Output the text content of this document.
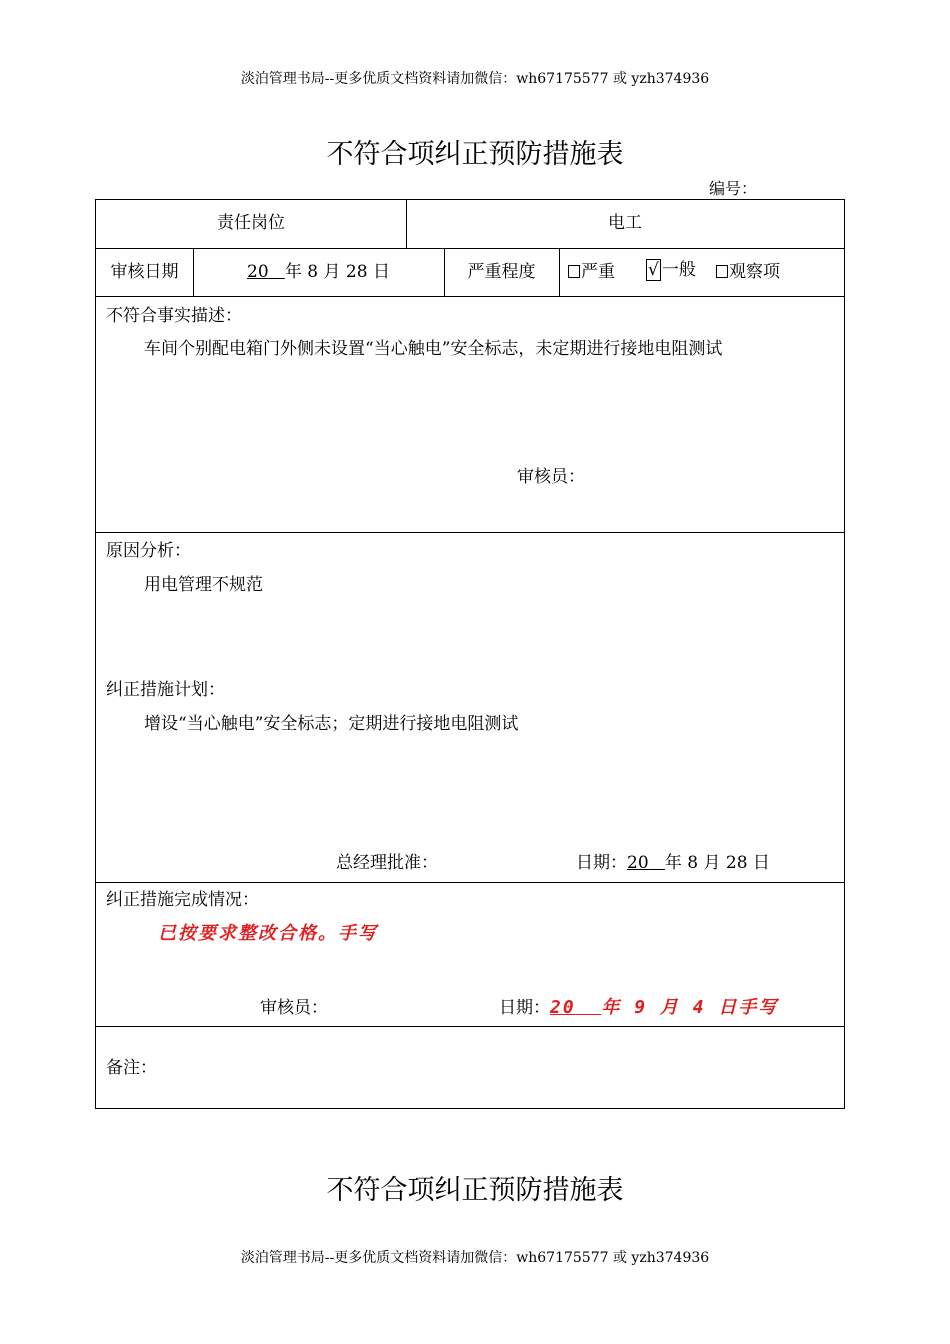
淡泊管理书局--更多优质文档资料请加微信：wh67175577 或 yzh374936
不符合项纠正预防措施表
编号：
责任岗位	电工
审核日期	20 年 8 月 28 日	严重程度	严重 √ 一般	观察项
不符合事实描述：
车间个别配电箱门外侧未设置“当心触电”安全标志，未定期进行接地电阻测试
审核员：
原因分析：
用电管理不规范
纠正措施计划：
增设“当心触电”安全标志；定期进行接地电阻测试
总经理批准：	日期：20 年 8 月 28 日
纠正措施完成情况：
已按要求整改合格。手写
审核员：	日期：20 年 9 月 4 日手写
备注：
不符合项纠正预防措施表
淡泊管理书局--更多优质文档资料请加微信：wh67175577 或 yzh374936
